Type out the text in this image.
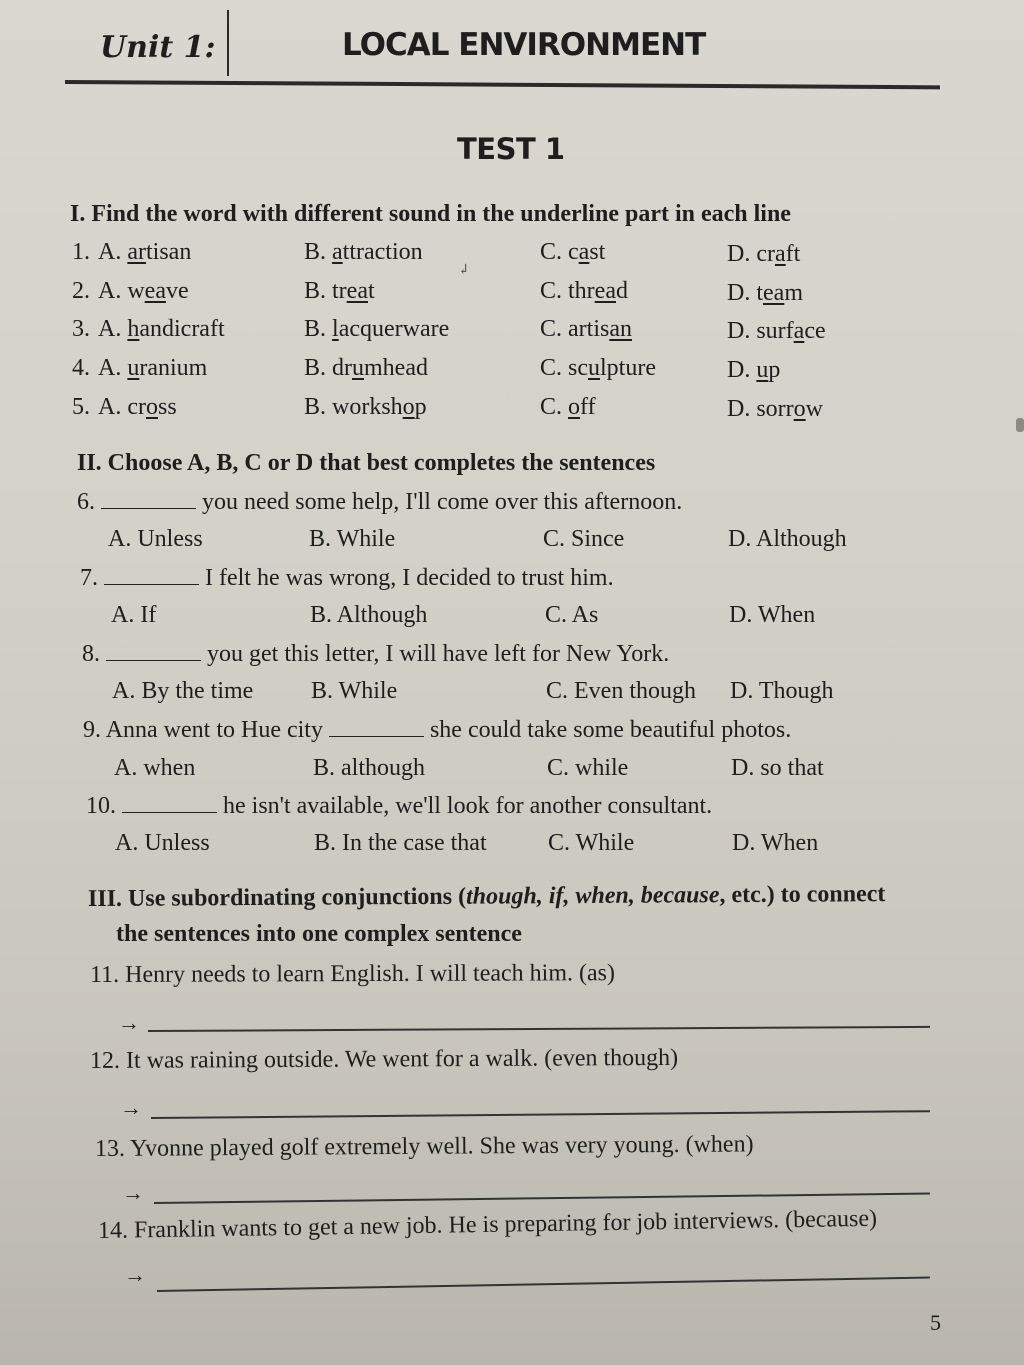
Unit 1:	LOCAL ENVIRONMENT
TEST 1
I. Find the word with different sound in the underline part in each line
↲
1. A. artisan	B. attraction	C. cast	D. craft
2. A. weave	B. treat	C. thread	D. team
3. A. handicraft	B. lacquerware	C. artisan	D. surface
4. A. uranium	B. drumhead	C. sculpture	D. up
5. A. cross	B. workshop	C. off	D. sorrow
II. Choose A, B, C or D that best completes the sentences
6.	you need some help, I'll come over this afternoon.
A. Unless	B. While	C. Since	D. Although
7.	I felt he was wrong, I decided to trust him.
A. If	B. Although	C. As	D. When
8.	you get this letter, I will have left for New York.
A. By the time B. While	C. Even though D. Though
9. Anna went to Hue city	she could take some beautiful photos.
A. when	B. although	C. while	D. so that
10.	he isn't available, we'll look for another consultant.
A. Unless	B. In the case that	C. While	D. When
III. Use subordinating conjunctions (though, if, when, because, etc.) to connect
the sentences into one complex sentence
11. Henry needs to learn English. I will teach him. (as)
→
12. It was raining outside. We went for a walk. (even though)
→
13. Yvonne played golf extremely well. She was very young. (when)
→
14. Franklin wants to get a new job. He is preparing for job interviews. (because)
→
5
